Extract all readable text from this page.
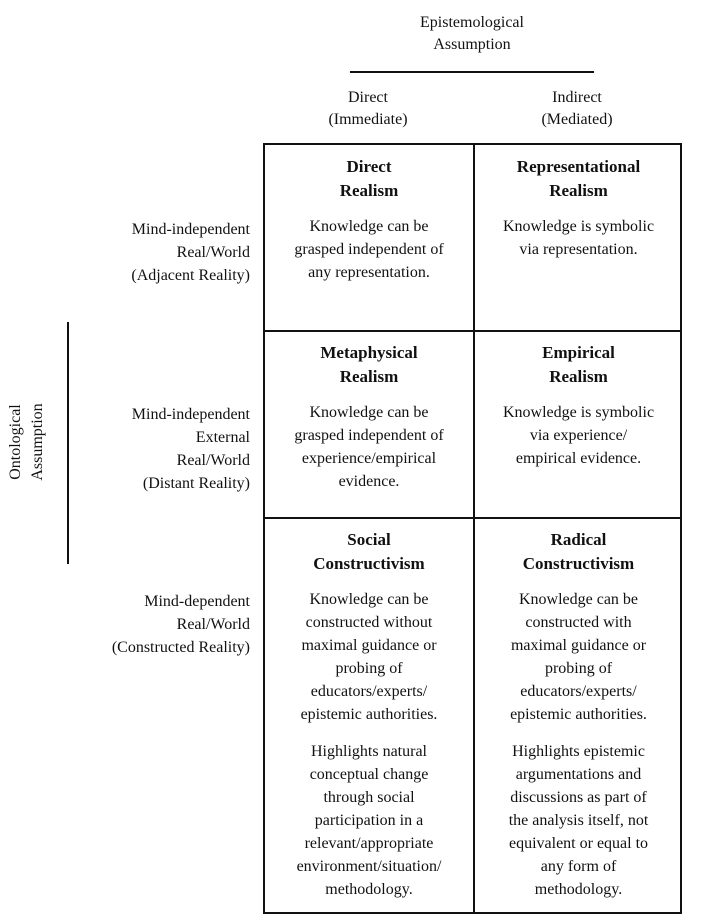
Epistemological
Assumption
Direct
(Immediate)
Indirect
(Mediated)
Ontological Assumption
Mind-independent
Real/World
(Adjacent Reality)
Mind-independent
External
Real/World
(Distant Reality)
Mind-dependent
Real/World
(Constructed Reality)
Direct
Realism
Knowledge can be
grasped independent of
any representation.
Representational
Realism
Knowledge is symbolic
via representation.
Metaphysical
Realism
Knowledge can be
grasped independent of
experience/empirical
evidence.
Empirical
Realism
Knowledge is symbolic
via experience/
empirical evidence.
Social
Constructivism
Knowledge can be
constructed without
maximal guidance or
probing of
educators/experts/
epistemic authorities.
Highlights natural
conceptual change
through social
participation in a
relevant/appropriate
environment/situation/
methodology.
Radical
Constructivism
Knowledge can be
constructed with
maximal guidance or
probing of
educators/experts/
epistemic authorities.
Highlights epistemic
argumentations and
discussions as part of
the analysis itself, not
equivalent or equal to
any form of
methodology.
